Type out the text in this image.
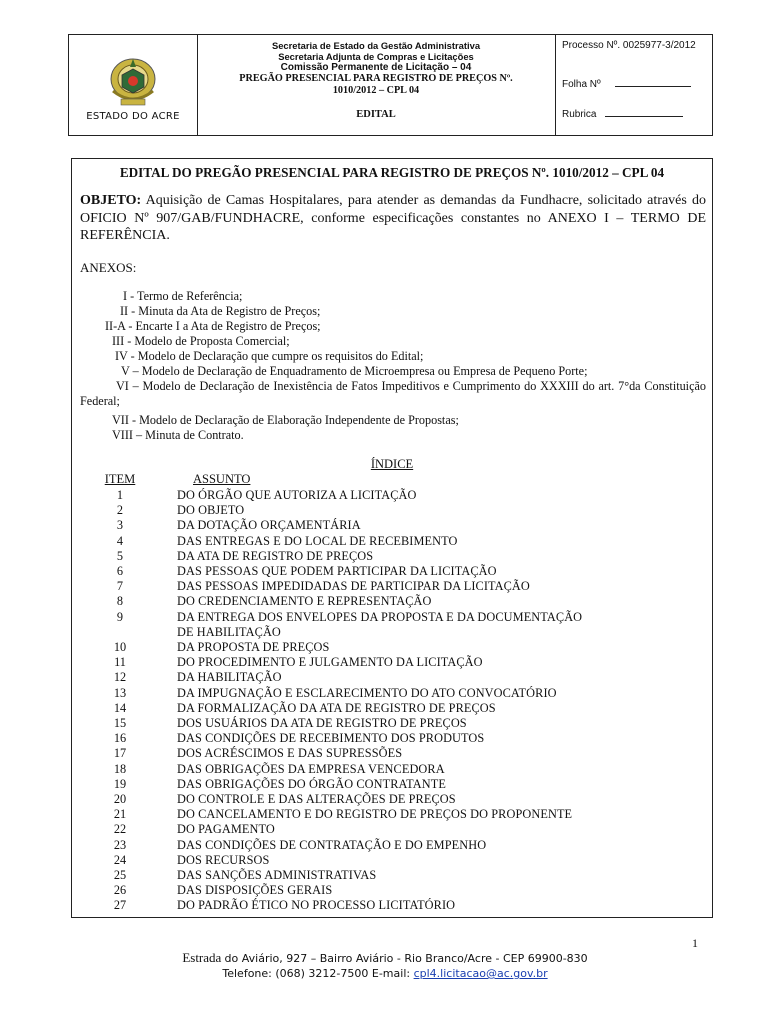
ESTADO DO ACRE
Secretaria de Estado da Gestão Administrativa
Secretaria Adjunta de Compras e Licitações
Comissão Permanente de Licitação – 04
PREGÃO PRESENCIAL PARA REGISTRO DE PREÇOS Nº.
1010/2012 – CPL 04
EDITAL
Processo Nº. 0025977-3/2012
Folha Nº
Rubrica
EDITAL DO PREGÃO PRESENCIAL PARA REGISTRO DE PREÇOS Nº. 1010/2012 – CPL 04
OBJETO: Aquisição de Camas Hospitalares, para atender as demandas da Fundhacre, solicitado através do OFICIO Nº 907/GAB/FUNDHACRE, conforme especificações constantes no ANEXO I – TERMO DE REFERÊNCIA.
ANEXOS:
I - Termo de Referência;
II - Minuta da Ata de Registro de Preços;
II-A - Encarte I a Ata de Registro de Preços;
III - Modelo de Proposta Comercial;
IV - Modelo de Declaração que cumpre os requisitos do Edital;
V – Modelo de Declaração de Enquadramento de Microempresa ou Empresa de Pequeno Porte;
VI – Modelo de Declaração de Inexistência de Fatos Impeditivos e Cumprimento do XXXIII do art. 7°da Constituição Federal;
VII - Modelo de Declaração de Elaboração Independente de Propostas;
VIII – Minuta de Contrato.
ÍNDICE
ITEM	ASSUNTO
1	DO ÓRGÃO QUE AUTORIZA A LICITAÇÃO
2	DO OBJETO
3	DA DOTAÇÃO ORÇAMENTÁRIA
4	DAS ENTREGAS E DO LOCAL DE RECEBIMENTO
5	DA ATA DE REGISTRO DE PREÇOS
6	DAS PESSOAS QUE PODEM PARTICIPAR DA LICITAÇÃO
7	DAS PESSOAS IMPEDIDADAS DE PARTICIPAR DA LICITAÇÃO
8	DO CREDENCIAMENTO E REPRESENTAÇÃO
9	DA ENTREGA DOS ENVELOPES DA PROPOSTA E DA DOCUMENTAÇÃO
DE HABILITAÇÃO
10	DA PROPOSTA DE PREÇOS
11	DO PROCEDIMENTO E JULGAMENTO DA LICITAÇÃO
12	DA HABILITAÇÃO
13	DA IMPUGNAÇÃO E ESCLARECIMENTO DO ATO CONVOCATÓRIO
14	DA FORMALIZAÇÃO DA ATA DE REGISTRO DE PREÇOS
15	DOS USUÁRIOS DA ATA DE REGISTRO DE PREÇOS
16	DAS CONDIÇÕES DE RECEBIMENTO DOS PRODUTOS
17	DOS ACRÉSCIMOS E DAS SUPRESSÕES
18	DAS OBRIGAÇÕES DA EMPRESA VENCEDORA
19	DAS OBRIGAÇÕES DO ÓRGÃO CONTRATANTE
20	DO CONTROLE E DAS ALTERAÇÕES DE PREÇOS
21	DO CANCELAMENTO E DO REGISTRO DE PREÇOS DO PROPONENTE
22	DO PAGAMENTO
23	DAS CONDIÇÕES DE CONTRATAÇÃO E DO EMPENHO
24	DOS RECURSOS
25	DAS SANÇÕES ADMINISTRATIVAS
26	DAS DISPOSIÇÕES GERAIS
27	DO PADRÃO ÉTICO NO PROCESSO LICITATÓRIO
1
Estrada do Aviário, 927 – Bairro Aviário - Rio Branco/Acre - CEP 69900-830
Telefone: (068) 3212-7500 E-mail: cpl4.licitacao@ac.gov.br
